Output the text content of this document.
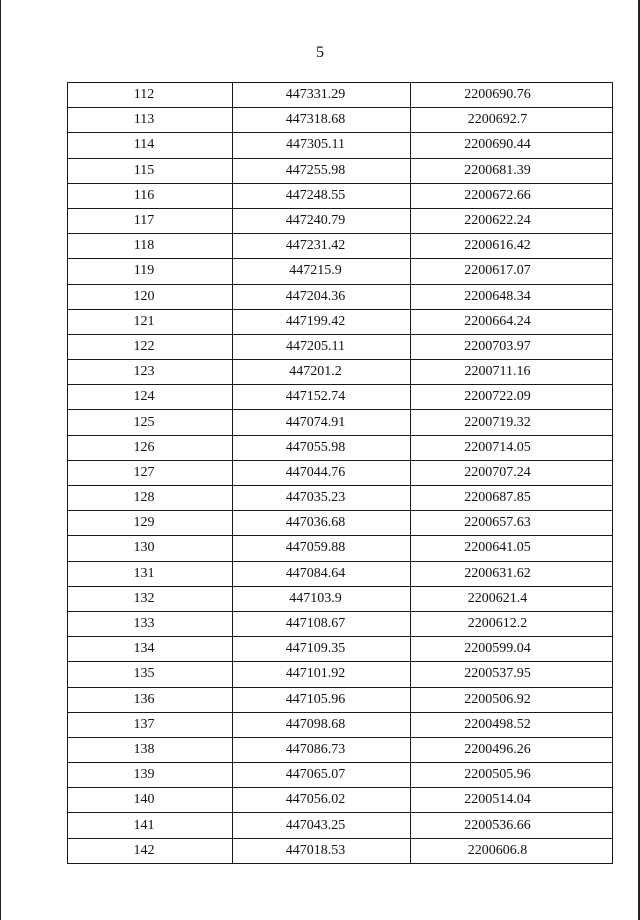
5
112	447331.29	2200690.76
113	447318.68	2200692.7
114	447305.11	2200690.44
115	447255.98	2200681.39
116	447248.55	2200672.66
117	447240.79	2200622.24
118	447231.42	2200616.42
119	447215.9	2200617.07
120	447204.36	2200648.34
121	447199.42	2200664.24
122	447205.11	2200703.97
123	447201.2	2200711.16
124	447152.74	2200722.09
125	447074.91	2200719.32
126	447055.98	2200714.05
127	447044.76	2200707.24
128	447035.23	2200687.85
129	447036.68	2200657.63
130	447059.88	2200641.05
131	447084.64	2200631.62
132	447103.9	2200621.4
133	447108.67	2200612.2
134	447109.35	2200599.04
135	447101.92	2200537.95
136	447105.96	2200506.92
137	447098.68	2200498.52
138	447086.73	2200496.26
139	447065.07	2200505.96
140	447056.02	2200514.04
141	447043.25	2200536.66
142	447018.53	2200606.8
